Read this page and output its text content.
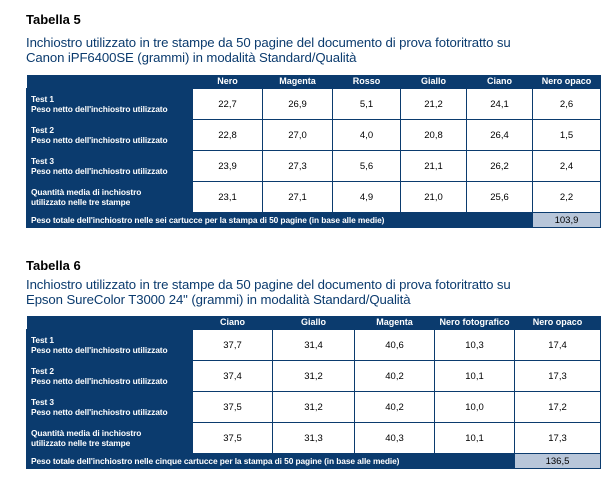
Tabella 5

Inchiostro utilizzato in tre stampe da 50 pagine del documento di prova fotoritratto su

Canon iPF6400SE (grammi) in modalità Standard/Qualità

	Nero	Magenta	Rosso	Giallo	Ciano	Nero opaco

Test 1
Peso netto dell'inchiostro utilizzato	22,7	26,9	5,1	21,2	24,1	2,6

Test 2
Peso netto dell'inchiostro utilizzato	22,8	27,0	4,0	20,8	26,4	1,5

Test 3
Peso netto dell'inchiostro utilizzato	23,9	27,3	5,6	21,1	26,2	2,4

Quantità media di inchiostro
utilizzato nelle tre stampe	23,1	27,1	4,9	21,0	25,6	2,2
Peso totale dell'inchiostro nelle sei cartucce per la stampa di 50 pagine (in base alle medie)						103,9

Tabella 6

Inchiostro utilizzato in tre stampe da 50 pagine del documento di prova fotoritratto su

Epson SureColor T3000 24" (grammi) in modalità Standard/Qualità

	Ciano	Giallo	Magenta	Nero fotografico	Nero opaco

Test 1
Peso netto dell'inchiostro utilizzato	37,7	31,4	40,6	10,3	17,4

Test 2
Peso netto dell'inchiostro utilizzato	37,4	31,2	40,2	10,1	17,3

Test 3
Peso netto dell'inchiostro utilizzato	37,5	31,2	40,2	10,0	17,2

Quantità media di inchiostro
utilizzato nelle tre stampe	37,5	31,3	40,3	10,1	17,3
Peso totale dell'inchiostro nelle cinque cartucce per la stampa di 50 pagine (in base alle medie)					136,5
